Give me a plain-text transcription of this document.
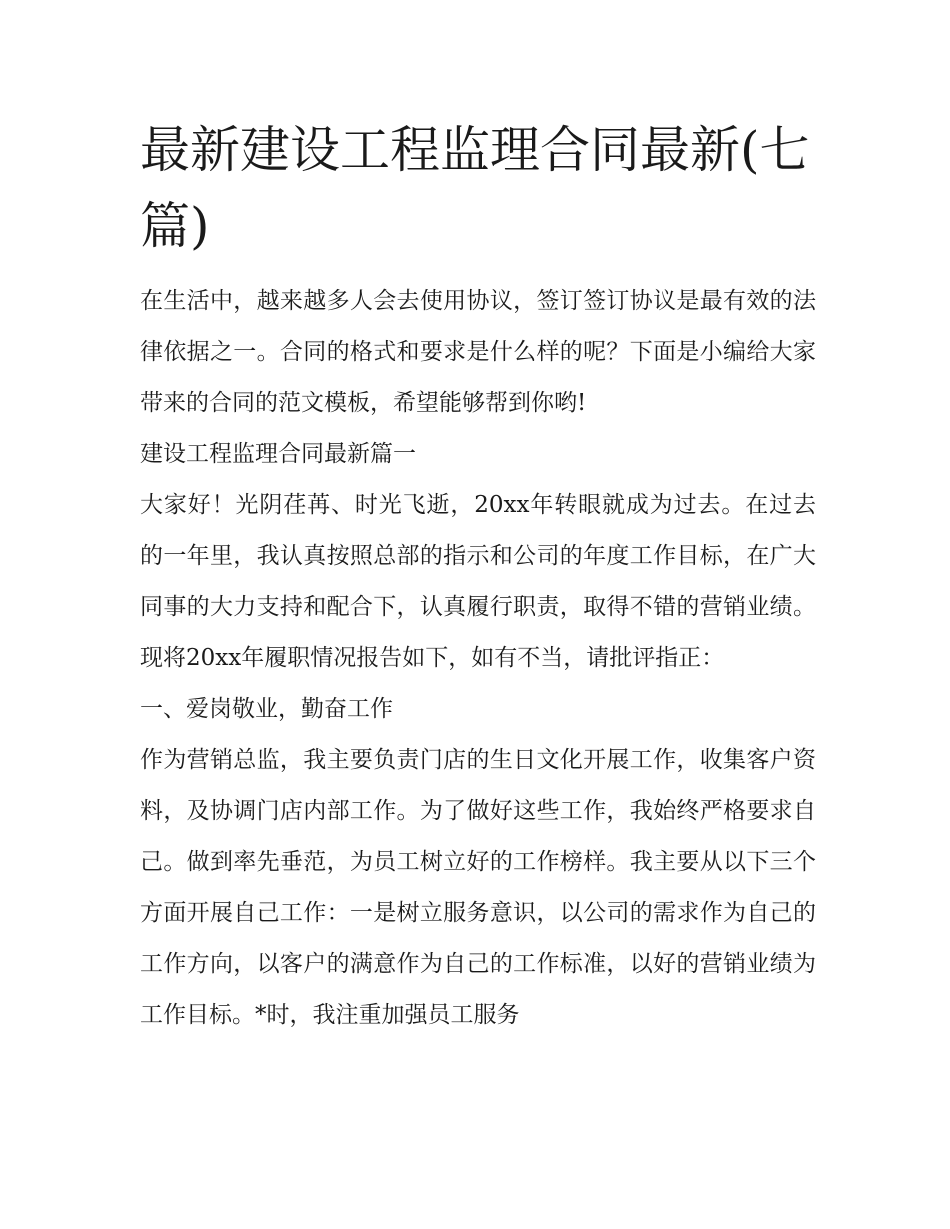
最新建设工程监理合同最新(七篇)

在生活中，越来越多人会去使用协议，签订签订协议是最有效的法律依据之一。合同的格式和要求是什么样的呢？下面是小编给大家带来的合同的范文模板，希望能够帮到你哟!

建设工程监理合同最新篇一

大家好！光阴荏苒、时光飞逝，20xx年转眼就成为过去。在过去的一年里，我认真按照总部的指示和公司的年度工作目标，在广大同事的大力支持和配合下，认真履行职责，取得不错的营销业绩。现将20xx年履职情况报告如下，如有不当，请批评指正：

一、爱岗敬业，勤奋工作

作为营销总监，我主要负责门店的生日文化开展工作，收集客户资料，及协调门店内部工作。为了做好这些工作，我始终严格要求自己。做到率先垂范，为员工树立好的工作榜样。我主要从以下三个方面开展自己工作：一是树立服务意识，以公司的需求作为自己的工作方向，以客户的满意作为自己的工作标准，以好的营销业绩为工作目标。*时，我注重加强员工服务
